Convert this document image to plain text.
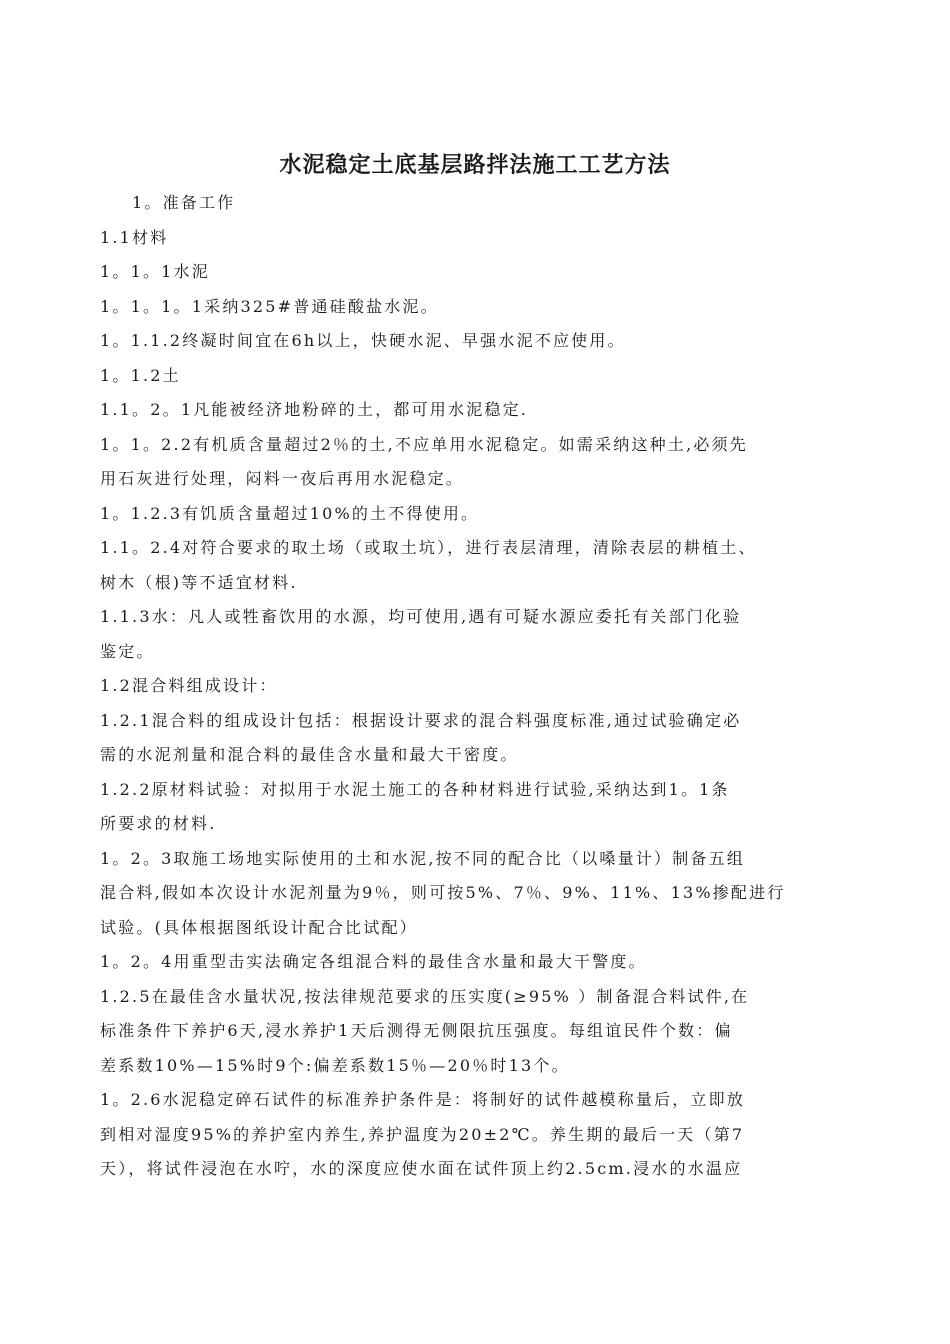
水泥稳定土底基层路拌法施工工艺方法

1。准备工作

1.1材料

1。1。1水泥

1。1。1。1采纳325#普通硅酸盐水泥。

1。1.1.2终凝时间宜在6h以上，快硬水泥、早强水泥不应使用。

1。1.2土

1.1。2。1凡能被经济地粉碎的土，都可用水泥稳定.

1。1。2.2有机质含量超过2％的土,不应单用水泥稳定。如需采纳这种土,必须先

用石灰进行处理，闷料一夜后再用水泥稳定。

1。1.2.3有饥质含量超过10%的土不得使用。

1.1。2.4对符合要求的取土场（或取土坑），进行表层清理，清除表层的耕植土、

树木（根)等不适宜材料.

1.1.3水：凡人或牲畜饮用的水源，均可使用,遇有可疑水源应委托有关部门化验

鉴定。

1.2混合料组成设计：

1.2.1混合料的组成设计包括：根据设计要求的混合料强度标准,通过试验确定必

需的水泥剂量和混合料的最佳含水量和最大干密度。

1.2.2原材料试验：对拟用于水泥土施工的各种材料进行试验,采纳达到1。1条

所要求的材料.

1。2。3取施工场地实际使用的土和水泥,按不同的配合比（以嗓量计）制备五组

混合料,假如本次设计水泥剂量为9％，则可按5%、7％、9%、11%、13%掺配进行

试验。(具体根据图纸设计配合比试配）

1。2。4用重型击实法确定各组混合料的最佳含水量和最大干警度。

1.2.5在最佳含水量状况,按法律规范要求的压实度(≥95% ）制备混合料试件,在

标准条件下养护6天,浸水养护1天后测得无侧限抗压强度。每组谊民件个数：偏

差系数10%—15%时9个:偏差系数15％—20％时13个。

1。2.6水泥稳定碎石试件的标准养护条件是：将制好的试件越模称量后，立即放

到相对湿度95%的养护室内养生,养护温度为20±2℃。养生期的最后一天（第7

天），将试件浸泡在水咛，水的深度应使水面在试件顶上约2.5cm.浸水的水温应
